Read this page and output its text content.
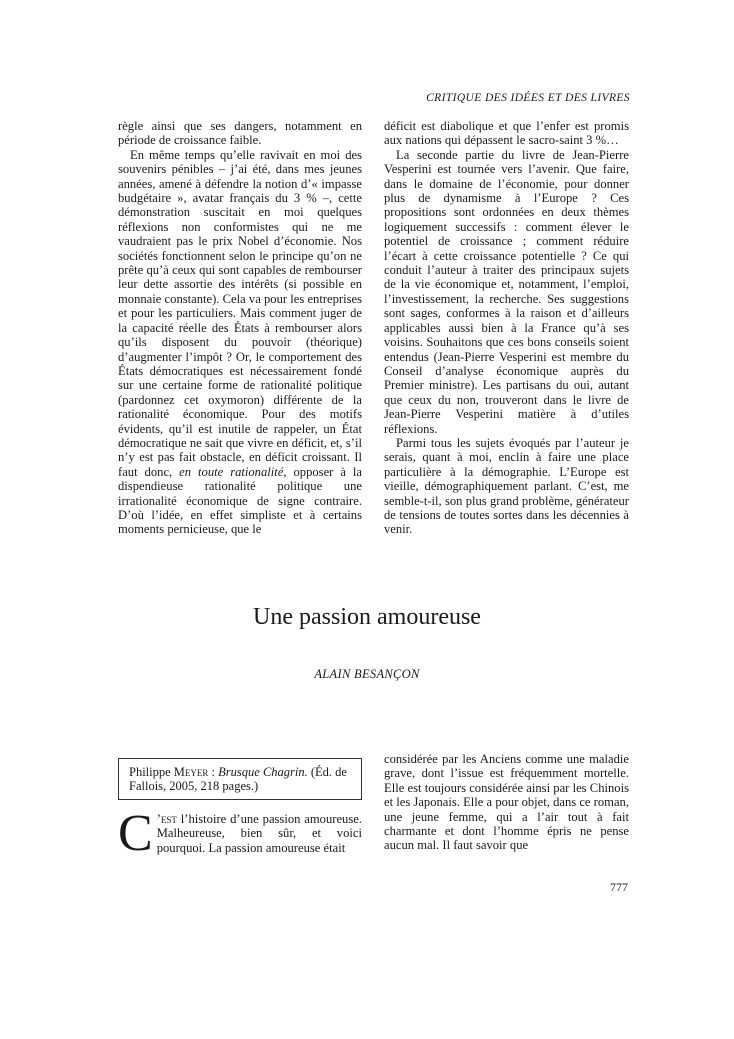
CRITIQUE DES IDÉES ET DES LIVRES

règle ainsi que ses dangers, notamment en période de croissance faible.

En même temps qu’elle ravivait en moi des souvenirs pénibles – j’ai été, dans mes jeunes années, amené à défendre la notion d’« impasse budgétaire », avatar français du 3 % –, cette démonstration suscitait en moi quelques réflexions non conformistes qui ne me vaudraient pas le prix Nobel d’économie. Nos sociétés fonctionnent selon le principe qu’on ne prête qu’à ceux qui sont capables de rembourser leur dette assortie des intérêts (si possible en monnaie constante). Cela va pour les entreprises et pour les particuliers. Mais comment juger de la capacité réelle des États à rembourser alors qu’ils disposent du pouvoir (théorique) d’augmenter l’impôt ? Or, le comportement des États démocratiques est nécessairement fondé sur une certaine forme de rationalité politique (pardonnez cet oxymoron) différente de la rationalité économique. Pour des motifs évidents, qu’il est inutile de rappeler, un État démocratique ne sait que vivre en déficit, et, s’il n’y est pas fait obstacle, en déficit croissant. Il faut donc, en toute rationalité, opposer à la dispendieuse rationalité politique une irrationalité économique de signe contraire. D’où l’idée, en effet simpliste et à certains moments pernicieuse, que le

déficit est diabolique et que l’enfer est promis aux nations qui dépassent le sacro-saint 3 %…

La seconde partie du livre de Jean-Pierre Vesperini est tournée vers l’avenir. Que faire, dans le domaine de l’économie, pour donner plus de dynamisme à l’Europe ? Ces propositions sont ordonnées en deux thèmes logiquement successifs : comment élever le potentiel de croissance ; comment réduire l’écart à cette croissance potentielle ? Ce qui conduit l’auteur à traiter des principaux sujets de la vie économique et, notamment, l’emploi, l’investissement, la recherche. Ses suggestions sont sages, conformes à la raison et d’ailleurs applicables aussi bien à la France qu’à ses voisins. Souhaitons que ces bons conseils soient entendus (Jean-Pierre Vesperini est membre du Conseil d’analyse économique auprès du Premier ministre). Les partisans du oui, autant que ceux du non, trouveront dans le livre de Jean-Pierre Vesperini matière à d’utiles réflexions.

Parmi tous les sujets évoqués par l’auteur je serais, quant à moi, enclin à faire une place particulière à la démographie. L’Europe est vieille, démographiquement parlant. C’est, me semble-t-il, son plus grand problème, générateur de tensions de toutes sortes dans les décennies à venir.

Une passion amoureuse
ALAIN BESANÇON
Philippe Meyer : Brusque Chagrin. (Éd. de Fallois, 2005, 218 pages.)

C ’est l’histoire d’une passion amoureuse. Malheureuse, bien sûr, et voici pourquoi. La passion amoureuse était

considérée par les Anciens comme une maladie grave, dont l’issue est fréquemment mortelle. Elle est toujours considérée ainsi par les Chinois et les Japonais. Elle a pour objet, dans ce roman, une jeune femme, qui a l’air tout à fait charmante et dont l’homme épris ne pense aucun mal. Il faut savoir que

777
